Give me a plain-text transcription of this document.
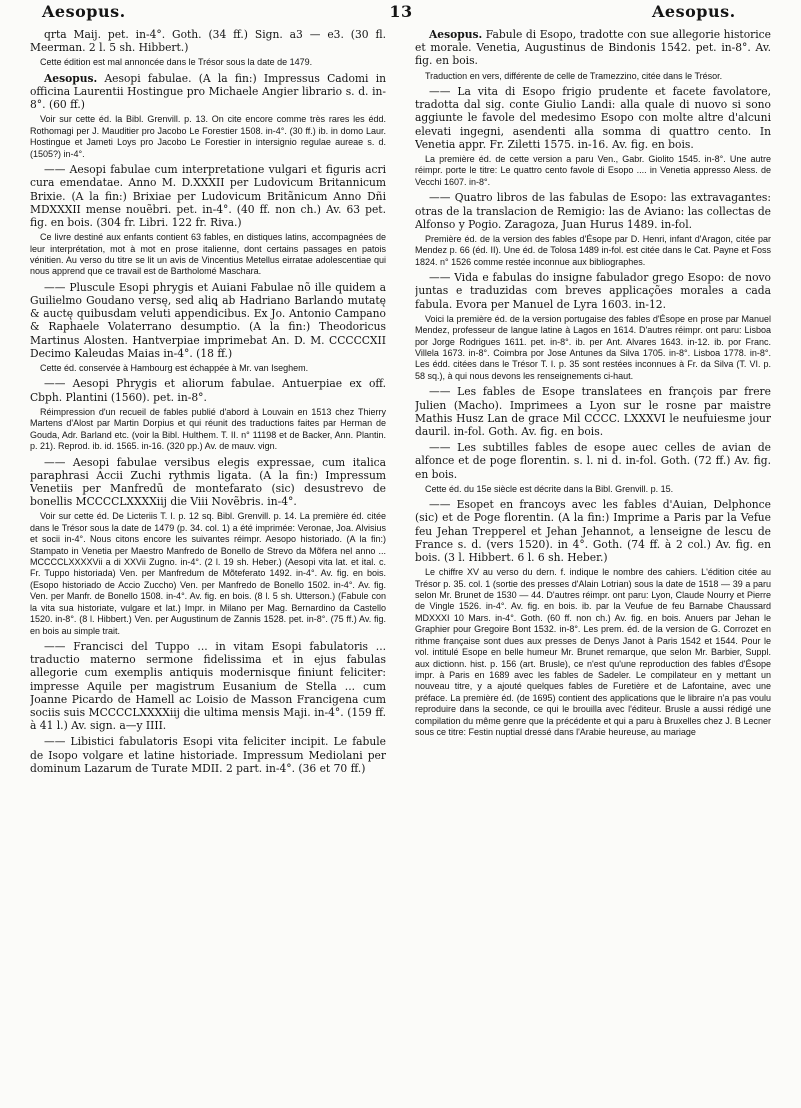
Aesopus.	13	Aesopus.

qrta Maij. pet. in-4°. Goth. (34 ff.) Sign. a3 — e3. (30 fl. Meerman. 2 l. 5 sh. Hibbert.)

Cette édition est mal annoncée dans le Trésor sous la date de 1479.

Aesopus. Aesopi fabulae. (A la fin:) Impressus Cadomi in officina Laurentii Hostingue pro Michaele Angier librario s. d. in-8°. (60 ff.)

Voir sur cette éd. la Bibl. Grenvill. p. 13. On cite encore comme très rares les édd. Rothomagi per J. Mauditier pro Jacobo Le Forestier 1508. in-4°. (30 ff.) ib. in domo Laur. Hostingue et Jameti Loys pro Jacobo Le Forestier in intersignio regulae aureae s. d. (1505?) in-4°.

—— Aesopi fabulae cum interpretatione vulgari et figuris acri cura emendatae. Anno M. D.XXXII per Ludovicum Britannicum Brixie. (A la fin:) Brixiae per Ludovicum Britãnicum Anno Dñi MDXXXII mense nouẽbri. pet. in-4°. (40 ff. non ch.) Av. 63 pet. fig. en bois. (304 fr. Libri. 122 fr. Riva.)

Ce livre destiné aux enfants contient 63 fables, en distiques latins, accompagnées de leur interprétation, mot à mot en prose italienne, dont certains passages en patois vénitien. Au verso du titre se lit un avis de Vincentius Metellus eirratae adolescentiae qui nous apprend que ce travail est de Bartholomé Maschara.

—— Pluscule Esopi phrygis et Auiani Fabulae nõ ille quidem a Guilielmo Goudano versę, sed aliꝗ ab Hadriano Barlando mutatę & auctę quibusdam veluti appendicibus. Ex Jo. Antonio Campano & Raphaele Volaterrano desumptio. (A la fin:) Theodoricus Martinus Alosten. Hantverpiae imprimebat An. D. M. CCCCCXII Decimo Kaleudas Maias in-4°. (18 ff.)

Cette éd. conservée à Hambourg est échappée à Mr. van Iseghem.

—— Aesopi Phrygis et aliorum fabulae. Antuerpiae ex off. Cbph. Plantini (1560). pet. in-8°.

Réimpression d'un recueil de fables publié d'abord à Louvain en 1513 chez Thierry Martens d'Alost par Martin Dorpius et qui réunit des traductions faites par Herman de Gouda, Adr. Barland etc. (voir la Bibl. Hulthem. T. II. n° 11198 et de Backer, Ann. Plantin. p. 21). Reprod. ib. id. 1565. in-16. (320 pp.) Av. de mauv. vign.

—— Aesopi fabulae versibus elegis expressae, cum italica paraphrasi Accii Zuchi rythmis ligata. (A la fin:) Impressum Venetiis per Manfredū de montefarato (sic) desustrevo de bonellis MCCCCLXXXXiij die Viii Novẽbris. in-4°.

Voir sur cette éd. De Licteriis T. I. p. 12 sq. Bibl. Grenvill. p. 14. La première éd. citée dans le Trésor sous la date de 1479 (p. 34. col. 1) a été imprimée: Veronae, Joa. Alvisius et socii in-4°. Nous citons encore les suivantes réimpr. Aesopo historiado. (A la fin:) Stampato in Venetia per Maestro Manfredo de Bonello de Strevo da Mõfera nel anno ... MCCCCLXXXXVii a di XXVii Zugno. in-4°. (2 l. 19 sh. Heber.) (Aesopi vita lat. et ital. c. Fr. Tuppo historiada) Ven. per Manfredum de Mõteferato 1492. in-4°. Av. fig. en bois. (Esopo historiado de Accio Zuccho) Ven. per Manfredo de Bonello 1502. in-4°. Av. fig. Ven. per Manfr. de Bonello 1508. in-4°. Av. fig. en bois. (8 l. 5 sh. Utterson.) (Fabule con la vita sua historiate, vulgare et lat.) Impr. in Milano per Mag. Bernardino da Castello 1520. in-8°. (8 l. Hibbert.) Ven. per Augustinum de Zannis 1528. pet. in-8°. (75 ff.) Av. fig. en bois au simple trait.

—— Francisci del Tuppo ... in vitam Esopi fabulatoris ... traductio materno sermone fidelissima et in ejus fabulas allegorie cum exemplis antiquis modernisque finiunt feliciter: impresse Aquile per magistrum Eusanium de Stella ... cum Joanne Picardo de Hamell ac Loisio de Masson Francigena cum sociis suis MCCCCLXXXXiij die ultima mensis Maji. in-4°. (159 ff. à 41 l.) Av. sign. a—y IIII.

—— Libistici fabulatoris Esopi vita feliciter incipit. Le fabule de Isopo volgare et latine historiade. Impressum Mediolani per dominum Lazarum de Turate MDII. 2 part. in-4°. (36 et 70 ff.)

Aesopus. Fabule di Esopo, tradotte con sue allegorie historice et morale. Venetia, Augustinus de Bindonis 1542. pet. in-8°. Av. fig. en bois.

Traduction en vers, différente de celle de Tramezzino, citée dans le Trésor.

—— La vita di Esopo frigio prudente et facete favolatore, tradotta dal sig. conte Giulio Landi: alla quale di nuovo si sono aggiunte le favole del medesimo Esopo con molte altre d'alcuni elevati ingegni, asendenti alla somma di quattro cento. In Venetia appr. Fr. Ziletti 1575. in-16. Av. fig. en bois.

La première éd. de cette version a paru Ven., Gabr. Giolito 1545. in-8°. Une autre réimpr. porte le titre: Le quattro cento favole di Esopo .... in Venetia appresso Aless. de Vecchi 1607. in-8°.

—— Quatro libros de las fabulas de Esopo: las extravagantes: otras de la translacion de Remigio: las de Aviano: las collectas de Alfonso y Pogio. Zaragoza, Juan Hurus 1489. in-fol.

Première éd. de la version des fables d'Ésope par D. Henri, infant d'Aragon, citée par Mendez p. 66 (éd. II). Une éd. de Tolosa 1489 in-fol. est citée dans le Cat. Payne et Foss 1824. n° 1526 comme restée inconnue aux bibliographes.

—— Vida e fabulas do insigne fabulador grego Esopo: de novo juntas e traduzidas com breves applicações morales a cada fabula. Evora per Manuel de Lyra 1603. in-12.

Voici la première éd. de la version portugaise des fables d'Ésope en prose par Manuel Mendez, professeur de langue latine à Lagos en 1614. D'autres réimpr. ont paru: Lisboa por Jorge Rodrigues 1611. pet. in-8°. ib. per Ant. Alvares 1643. in-12. ib. por Franc. Villela 1673. in-8°. Coimbra por Jose Antunes da Silva 1705. in-8°. Lisboa 1778. in-8°. Les édd. citées dans le Trésor T. I. p. 35 sont restées inconnues à Fr. da Silva (T. VI. p. 58 sq.), à qui nous devons les renseignements ci-haut.

—— Les fables de Esope translatees en françois par frere Julien (Macho). Imprimees a Lyon sur le rosne par maistre Mathis Husz Lan de grace Mil CCCC. LXXXVI le neufuiesme jour dauril. in-fol. Goth. Av. fig. en bois.

—— Les subtilles fables de esope auec celles de avian de alfonce et de poge florentin. s. l. ni d. in-fol. Goth. (72 ff.) Av. fig. en bois.

Cette éd. du 15e siècle est décrite dans la Bibl. Grenvill. p. 15.

—— Esopet en francoys avec les fables d'Auian, Delphonce (sic) et de Poge florentin. (A la fin:) Imprime a Paris par la Vefue feu Jehan Trepperel et Jehan Jehannot, a lenseigne de lescu de France s. d. (vers 1520). in 4°. Goth. (74 ff. à 2 col.) Av. fig. en bois. (3 l. Hibbert. 6 l. 6 sh. Heber.)

Le chiffre XV au verso du dern. f. indique le nombre des cahiers. L'édition citée au Trésor p. 35. col. 1 (sortie des presses d'Alain Lotrian) sous la date de 1518 — 39 a paru selon Mr. Brunet de 1530 — 44. D'autres réimpr. ont paru: Lyon, Claude Nourry et Pierre de Vingle 1526. in-4°. Av. fig. en bois. ib. par la Veufue de feu Barnabe Chaussard MDXXXI 10 Mars. in-4°. Goth. (60 ff. non ch.) Av. fig. en bois. Anuers par Jehan le Graphier pour Gregoire Bont 1532. in-8°. Les prem. éd. de la version de G. Corrozet en rithme française sont dues aux presses de Denys Janot à Paris 1542 et 1544. Pour le vol. intitulé Esope en belle humeur Mr. Brunet remarque, que selon Mr. Barbier, Suppl. aux dictionn. hist. p. 156 (art. Brusle), ce n'est qu'une reproduction des fables d'Ésope impr. à Paris en 1689 avec les fables de Sadeler. Le compilateur en y mettant un nouveau titre, y a ajouté quelques fables de Furetière et de Lafontaine, avec une préface. La première éd. (de 1695) contient des applications que le libraire n'a pas voulu reproduire dans la seconde, ce qui le brouilla avec l'éditeur. Brusle a aussi rédigé une compilation du même genre que la précédente et qui a paru à Bruxelles chez J. B Lecner sous ce titre: Festin nuptial dressé dans l'Arabie heureuse, au mariage
